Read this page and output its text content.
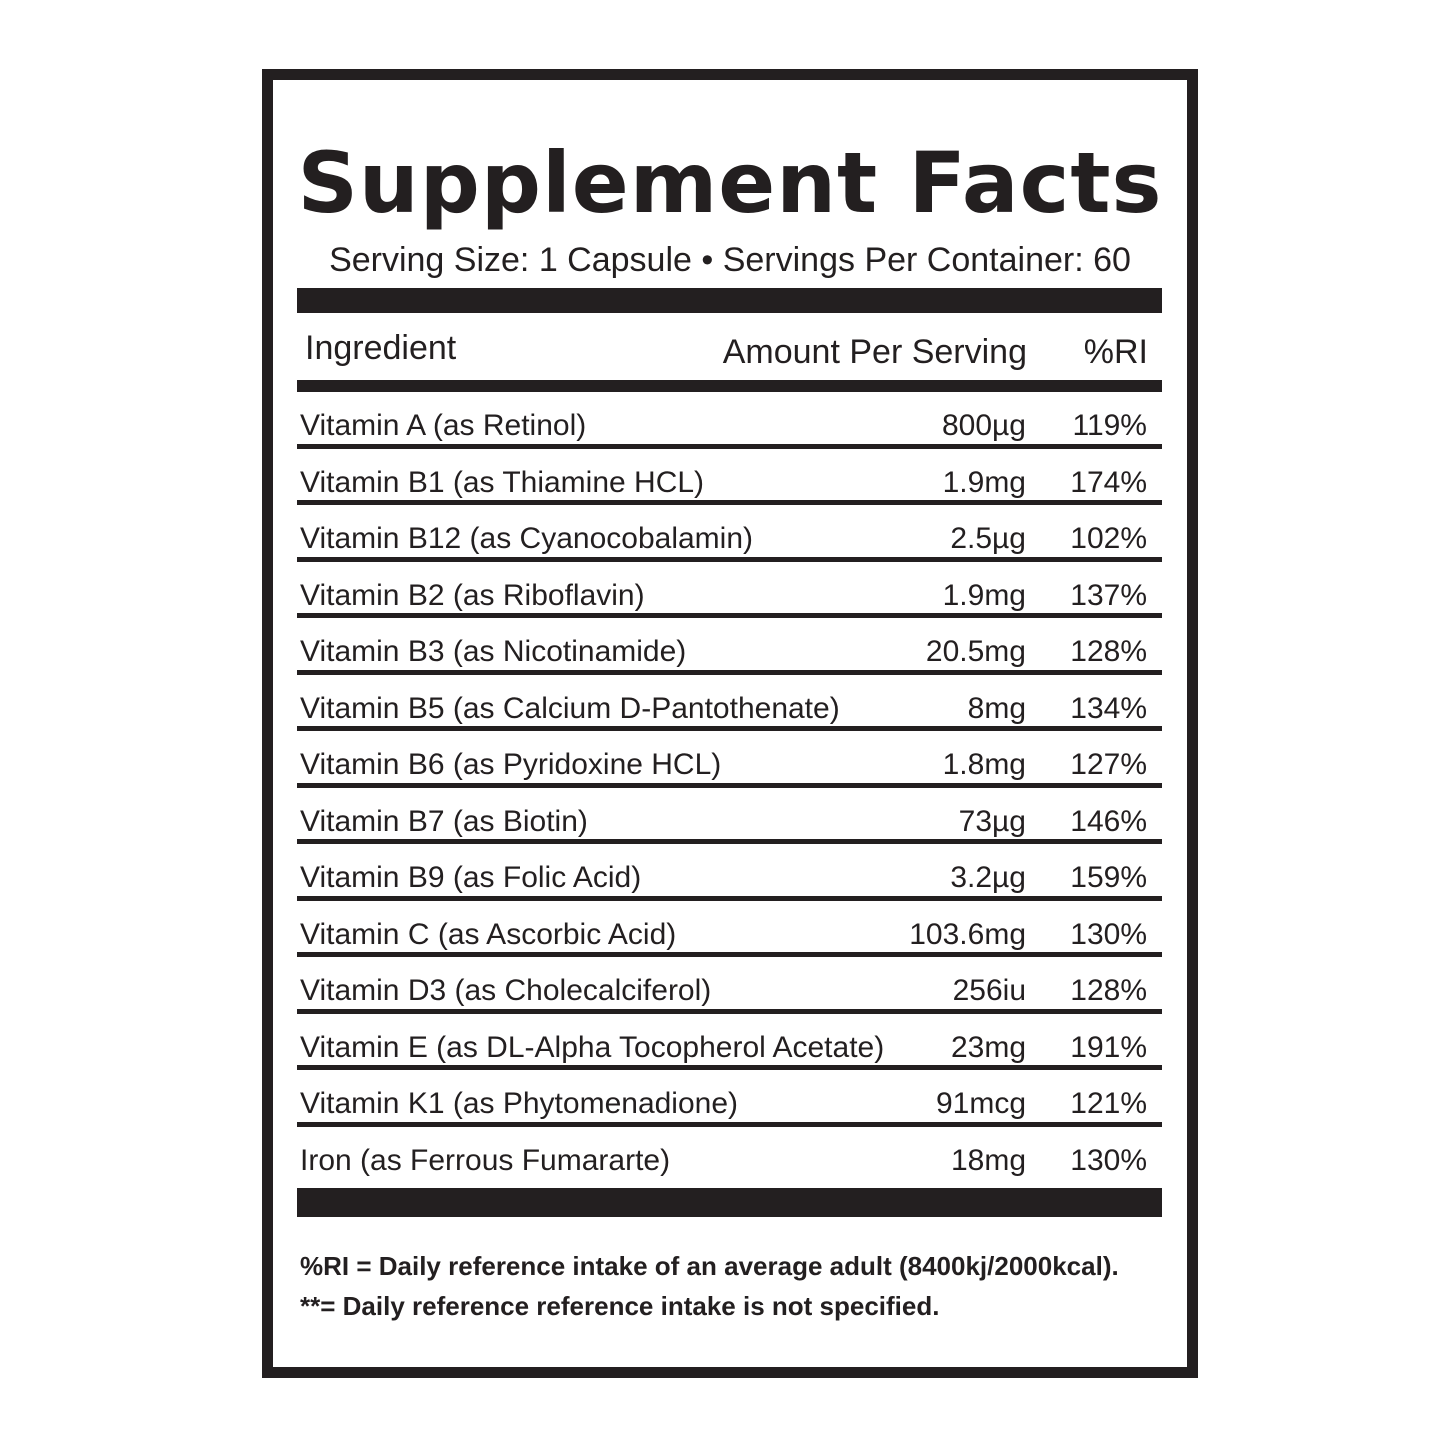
Supplement Facts
Serving Size: 1 Capsule • Servings Per Container: 60
Ingredient	Amount Per Serving %RI
Vitamin A (as Retinol)	800µg 119%
Vitamin B1 (as Thiamine HCL)	1.9mg 174%
Vitamin B12 (as Cyanocobalamin)	2.5µg 102%
Vitamin B2 (as Riboflavin)	1.9mg 137%
Vitamin B3 (as Nicotinamide)	20.5mg 128%
Vitamin B5 (as Calcium D-Pantothenate)	8mg 134%
Vitamin B6 (as Pyridoxine HCL)	1.8mg 127%
Vitamin B7 (as Biotin)	73µg 146%
Vitamin B9 (as Folic Acid)	3.2µg 159%
Vitamin C (as Ascorbic Acid)	103.6mg 130%
Vitamin D3 (as Cholecalciferol)	256iu 128%
Vitamin E (as DL-Alpha Tocopherol Acetate) 23mg 191%
Vitamin K1 (as Phytomenadione)	91mcg 121%
Iron (as Ferrous Fumararte)	18mg 130%
%RI = Daily reference intake of an average adult (8400kj/2000kcal).
**= Daily reference reference intake is not specified.
